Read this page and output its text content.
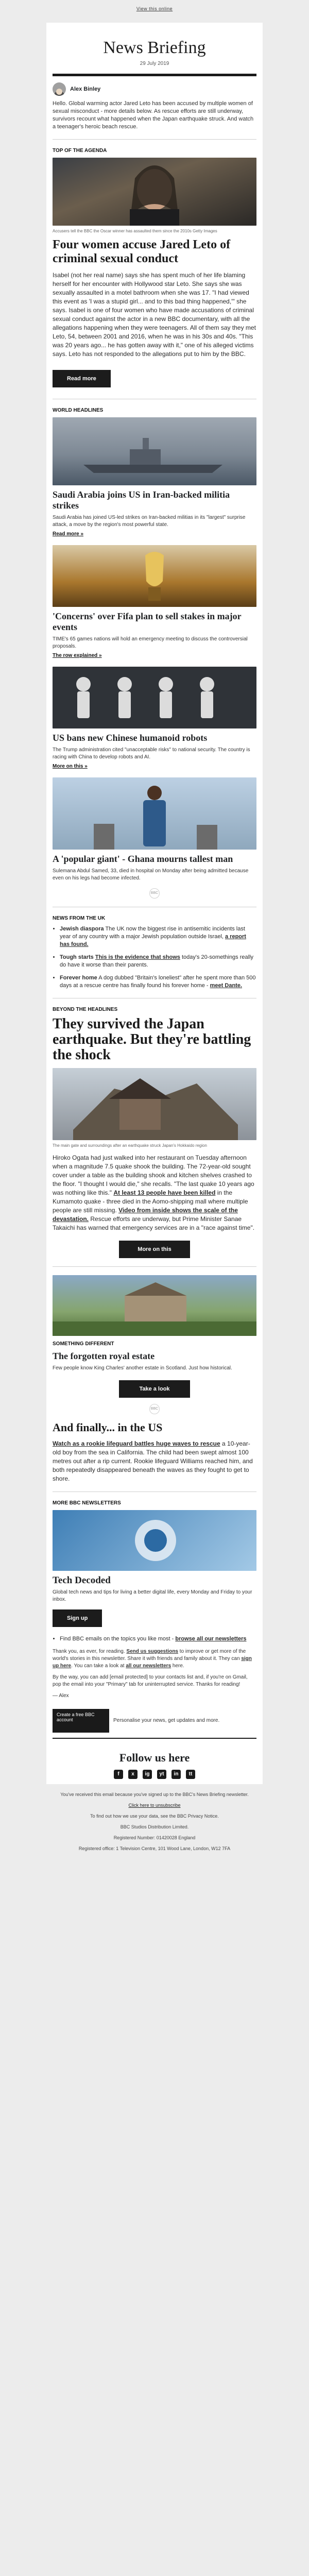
View this online
News Briefing
29 July 2019
Alex Binley

Hello. Global warming actor Jared Leto has been accused by multiple women of sexual misconduct - more details below. As rescue efforts are still underway, survivors recount what happened when the Japan earthquake struck. And watch a teenager's heroic beach rescue.

TOP OF THE AGENDA
Accusers tell the BBC the Oscar winner has assaulted them since the 2010s Getty Images
Four women accuse Jared Leto of criminal sexual conduct

Isabel (not her real name) says she has spent much of her life blaming herself for her encounter with Hollywood star Leto. She says she was sexually assaulted in a motel bathroom when she was 17. "I had viewed this event as 'I was a stupid girl... and to this bad thing happened,'" she says. Isabel is one of four women who have made accusations of criminal sexual conduct against the actor in a new BBC documentary, with all the allegations happening when they were teenagers. All of them say they met Leto, 54, between 2001 and 2016, when he was in his 30s and 40s. "This was 20 years ago... he has gotten away with it," one of his alleged victims says. Leto has not responded to the allegations put to him by the BBC.

Read more
WORLD HEADLINES
Saudi Arabia joins US in Iran-backed militia strikes
Saudi Arabia has joined US-led strikes on Iran-backed militias in its "largest" surprise attack, a move by the region's most powerful state.
Read more »
'Concerns' over Fifa plan to sell stakes in major events
TIME's 65 games nations will hold an emergency meeting to discuss the controversial proposals.
The row explained »
US bans new Chinese humanoid robots
The Trump administration cited "unacceptable risks" to national security. The country is racing with China to develop robots and AI.
More on this »
A 'popular giant' - Ghana mourns tallest man
Sulemana Abdul Samed, 33, died in hospital on Monday after being admitted because even on his legs had become infected.
BBC
NEWS FROM THE UK
• Jewish diaspora The UK now the biggest rise in antisemitic incidents last year of any country with a major Jewish population outside Israel, a report has found.
• Tough starts This is the evidence that shows today's 20-somethings really do have it worse than their parents.
• Forever home A dog dubbed "Britain's loneliest" after he spent more than 500 days at a rescue centre has finally found his forever home - meet Dante.
BEYOND THE HEADLINES
They survived the Japan earthquake. But they're battling the shock
The main gate and surroundings after an earthquake struck Japan's Hokkaido region

Hiroko Ogata had just walked into her restaurant on Tuesday afternoon when a magnitude 7.5 quake shook the building. The 72-year-old sought cover under a table as the building shook and kitchen shelves crashed to the floor. "I thought I would die," she recalls. "The last quake 10 years ago was nothing like this." At least 13 people have been killed in the Kumamoto quake - three died in the Aomo-shipping mall where multiple people are still missing. Video from inside shows the scale of the devastation. Rescue efforts are underway, but Prime Minister Sanae Takaichi has warned that emergency services are in a "race against time".

More on this
SOMETHING DIFFERENT
The forgotten royal estate
Few people know King Charles' another estate in Scotland. Just how historical.
Take a look
BBC
And finally... in the US

Watch as a rookie lifeguard battles huge waves to rescue a 10-year-old boy from the sea in California. The child had been swept almost 100 metres out after a rip current. Rookie lifeguard Williams reached him, and both repeatedly disappeared beneath the waves as they fought to get to shore.

MORE BBC NEWSLETTERS
Tech Decoded
Global tech news and tips for living a better digital life, every Monday and Friday to your inbox.
Sign up
• Find BBC emails on the topics you like most - browse all our newsletters

Thank you, as ever, for reading. Send us suggestions to improve or get more of the world's stories in this newsletter. Share it with friends and family about it. They can sign up here. You can take a look at all our newsletters here.

By the way, you can add [email protected] to your contacts list and, if you're on Gmail, pop the email into your "Primary" tab for uninterrupted service. Thanks for reading!

— Alex

Create a free BBC account	Personalise your news, get updates and more.
Follow us here
f	x	ig	yt	in	tt

You've received this email because you've signed up to the BBC's News Briefing newsletter.

Click here to unsubscribe

To find out how we use your data, see the BBC Privacy Notice.

BBC Studios Distribution Limited.

Registered Number: 01420028 England

Registered office: 1 Television Centre, 101 Wood Lane, London, W12 7FA
